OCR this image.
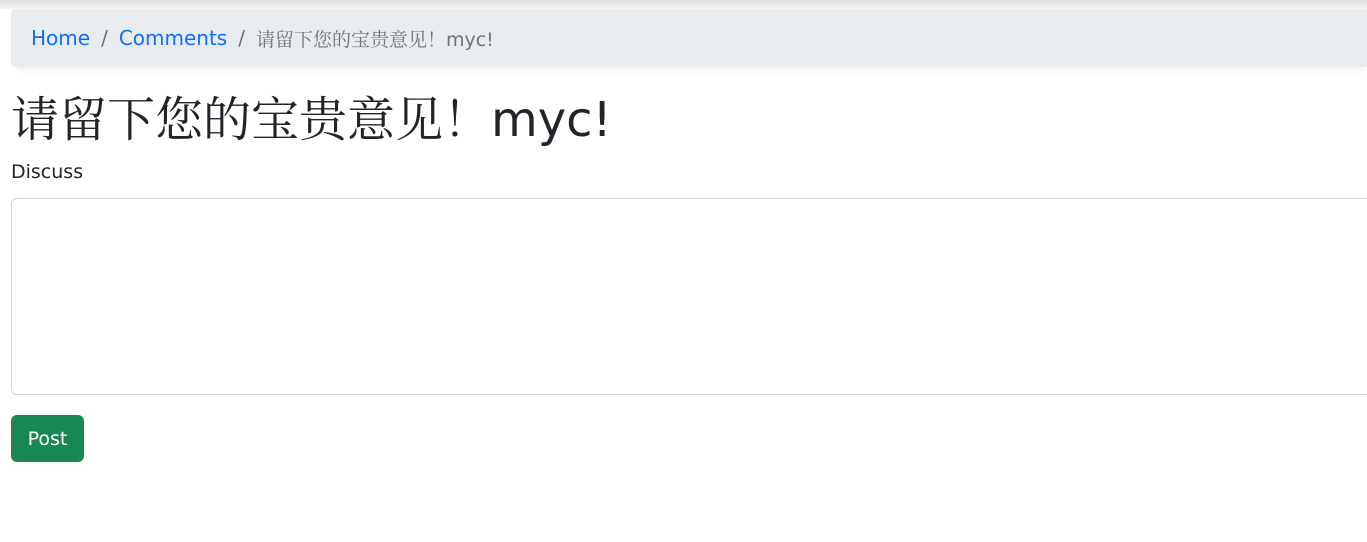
Home / Comments / 请留下您的宝贵意见！myc!
请留下您的宝贵意见！myc!
Discuss
Post
